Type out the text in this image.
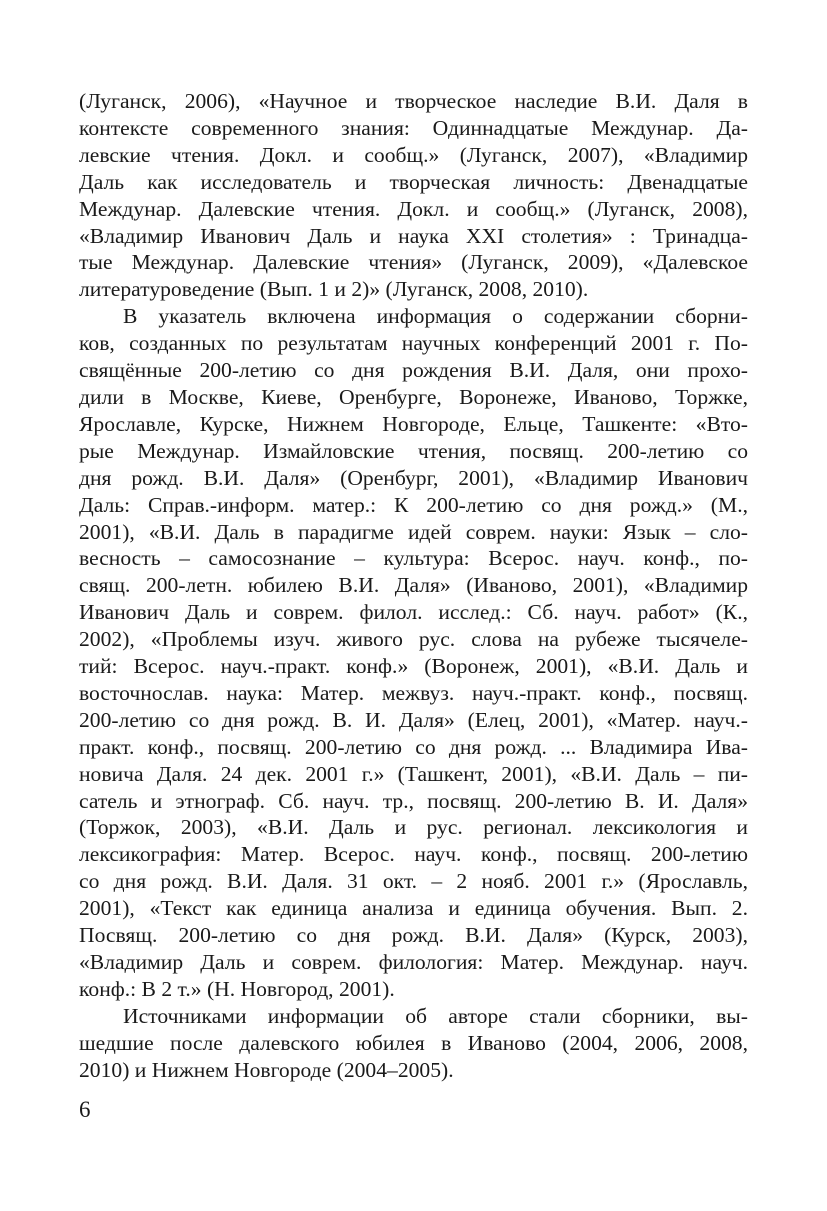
(Луганск, 2006), «Научное и творческое наследие В.И. Даля в
контексте современного знания: Одиннадцатые Междунар. Да-
левские чтения. Докл. и сообщ.» (Луганск, 2007), «Владимир
Даль как исследователь и творческая личность: Двенадцатые
Междунар. Далевские чтения. Докл. и сообщ.» (Луганск, 2008),
«Владимир Иванович Даль и наука XXI столетия» : Тринадца-
тые Междунар. Далевские чтения» (Луганск, 2009), «Далевское
литературоведение (Вып. 1 и 2)» (Луганск, 2008, 2010).
В указатель включена информация о содержании сборни-
ков, созданных по результатам научных конференций 2001 г. По-
свящённые 200-летию со дня рождения В.И. Даля, они прохо-
дили в Москве, Киеве, Оренбурге, Воронеже, Иваново, Торжке,
Ярославле, Курске, Нижнем Новгороде, Ельце, Ташкенте: «Вто-
рые Междунар. Измайловские чтения, посвящ. 200-летию со
дня рожд. В.И. Даля» (Оренбург, 2001), «Владимир Иванович
Даль: Справ.-информ. матер.: К 200-летию со дня рожд.» (М.,
2001), «В.И. Даль в парадигме идей соврем. науки: Язык – сло-
весность – самосознание – культура: Всерос. науч. конф., по-
свящ. 200-летн. юбилею В.И. Даля» (Иваново, 2001), «Владимир
Иванович Даль и соврем. филол. исслед.: Сб. науч. работ» (К.,
2002), «Проблемы изуч. живого рус. слова на рубеже тысячеле-
тий: Всерос. науч.-практ. конф.» (Воронеж, 2001), «В.И. Даль и
восточнослав. наука: Матер. межвуз. науч.-практ. конф., посвящ.
200-летию со дня рожд. В. И. Даля» (Елец, 2001), «Матер. науч.-
практ. конф., посвящ. 200-летию со дня рожд. ... Владимира Ива-
новича Даля. 24 дек. 2001 г.» (Ташкент, 2001), «В.И. Даль – пи-
сатель и этнограф. Сб. науч. тр., посвящ. 200-летию В. И. Даля»
(Торжок, 2003), «В.И. Даль и рус. регионал. лексикология и
лексикография: Матер. Всерос. науч. конф., посвящ. 200-летию
со дня рожд. В.И. Даля. 31 окт. – 2 нояб. 2001 г.» (Ярославль,
2001), «Текст как единица анализа и единица обучения. Вып. 2.
Посвящ. 200-летию со дня рожд. В.И. Даля» (Курск, 2003),
«Владимир Даль и соврем. филология: Матер. Междунар. науч.
конф.: В 2 т.» (Н. Новгород, 2001).
Источниками информации об авторе стали сборники, вы-
шедшие после далевского юбилея в Иваново (2004, 2006, 2008,
2010) и Нижнем Новгороде (2004–2005).
6
